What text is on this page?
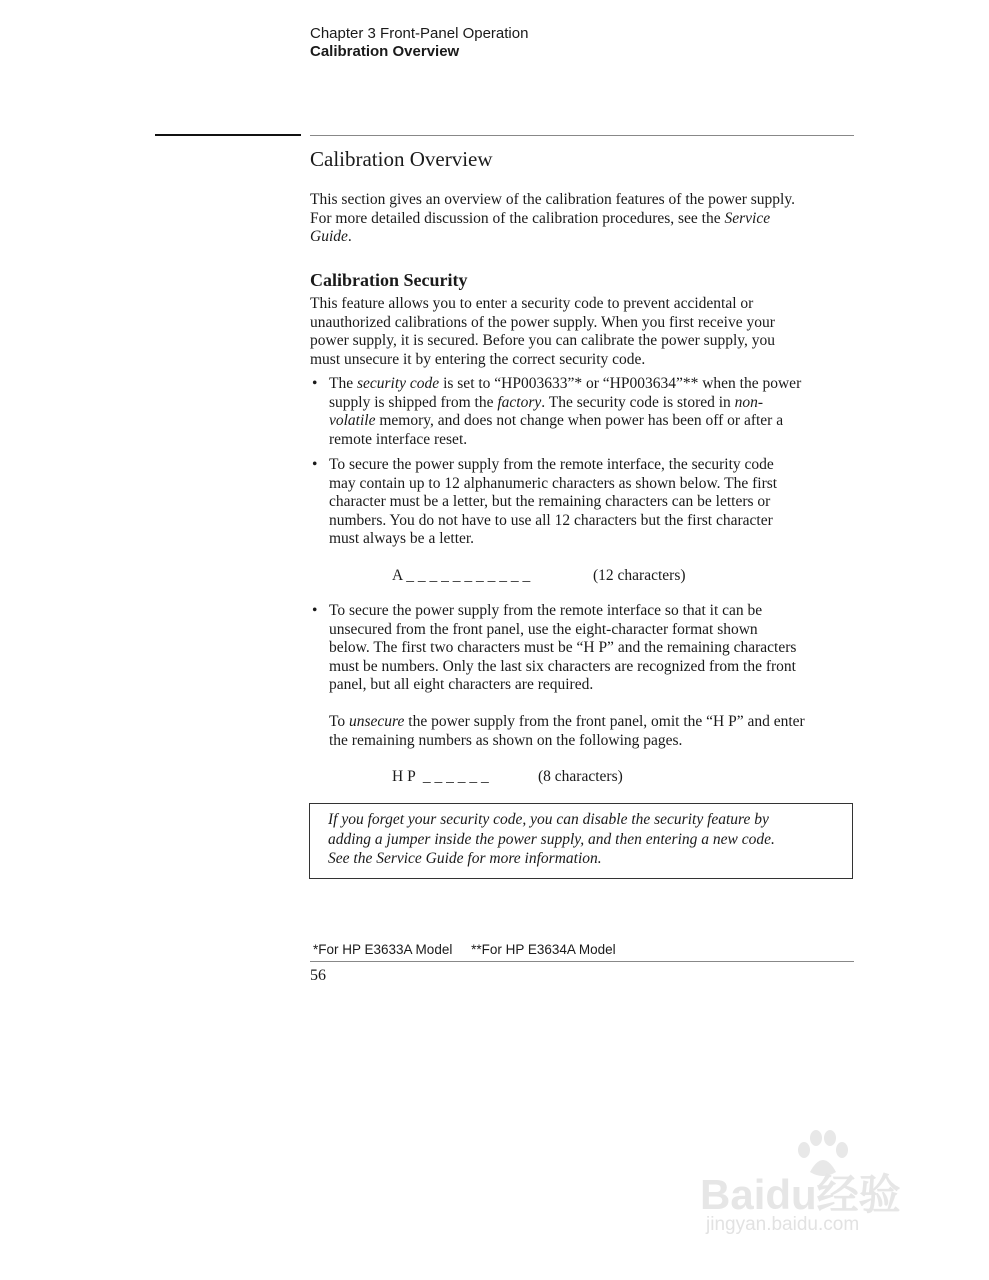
Chapter 3 Front-Panel Operation
Calibration Overview
Calibration Overview
This section gives an overview of the calibration features of the power supply.
For more detailed discussion of the calibration procedures, see the Service
Guide.
Calibration Security
This feature allows you to enter a security code to prevent accidental or
unauthorized calibrations of the power supply. When you first receive your
power supply, it is secured. Before you can calibrate the power supply, you
must unsecure it by entering the correct security code.
• The security code is set to “HP003633”* or “HP003634”** when the power
supply is shipped from the factory. The security code is stored in non-
volatile memory, and does not change when power has been off or after a
remote interface reset.
• To secure the power supply from the remote interface, the security code
may contain up to 12 alphanumeric characters as shown below. The first
character must be a letter, but the remaining characters can be letters or
numbers. You do not have to use all 12 characters but the first character
must always be a letter.
A _ _ _ _ _ _ _ _ _ _ _	(12 characters)
• To secure the power supply from the remote interface so that it can be
unsecured from the front panel, use the eight-character format shown
below. The first two characters must be “H P” and the remaining characters
must be numbers. Only the last six characters are recognized from the front
panel, but all eight characters are required.
To unsecure the power supply from the front panel, omit the “H P” and enter
the remaining numbers as shown on the following pages.
H P  _ _ _ _ _ _	(8 characters)
If you forget your security code, you can disable the security feature by
adding a jumper inside the power supply, and then entering a new code.
See the Service Guide for more information.
*For HP E3633A Model     **For HP E3634A Model
56
Baidu经验
jingyan.baidu.com
